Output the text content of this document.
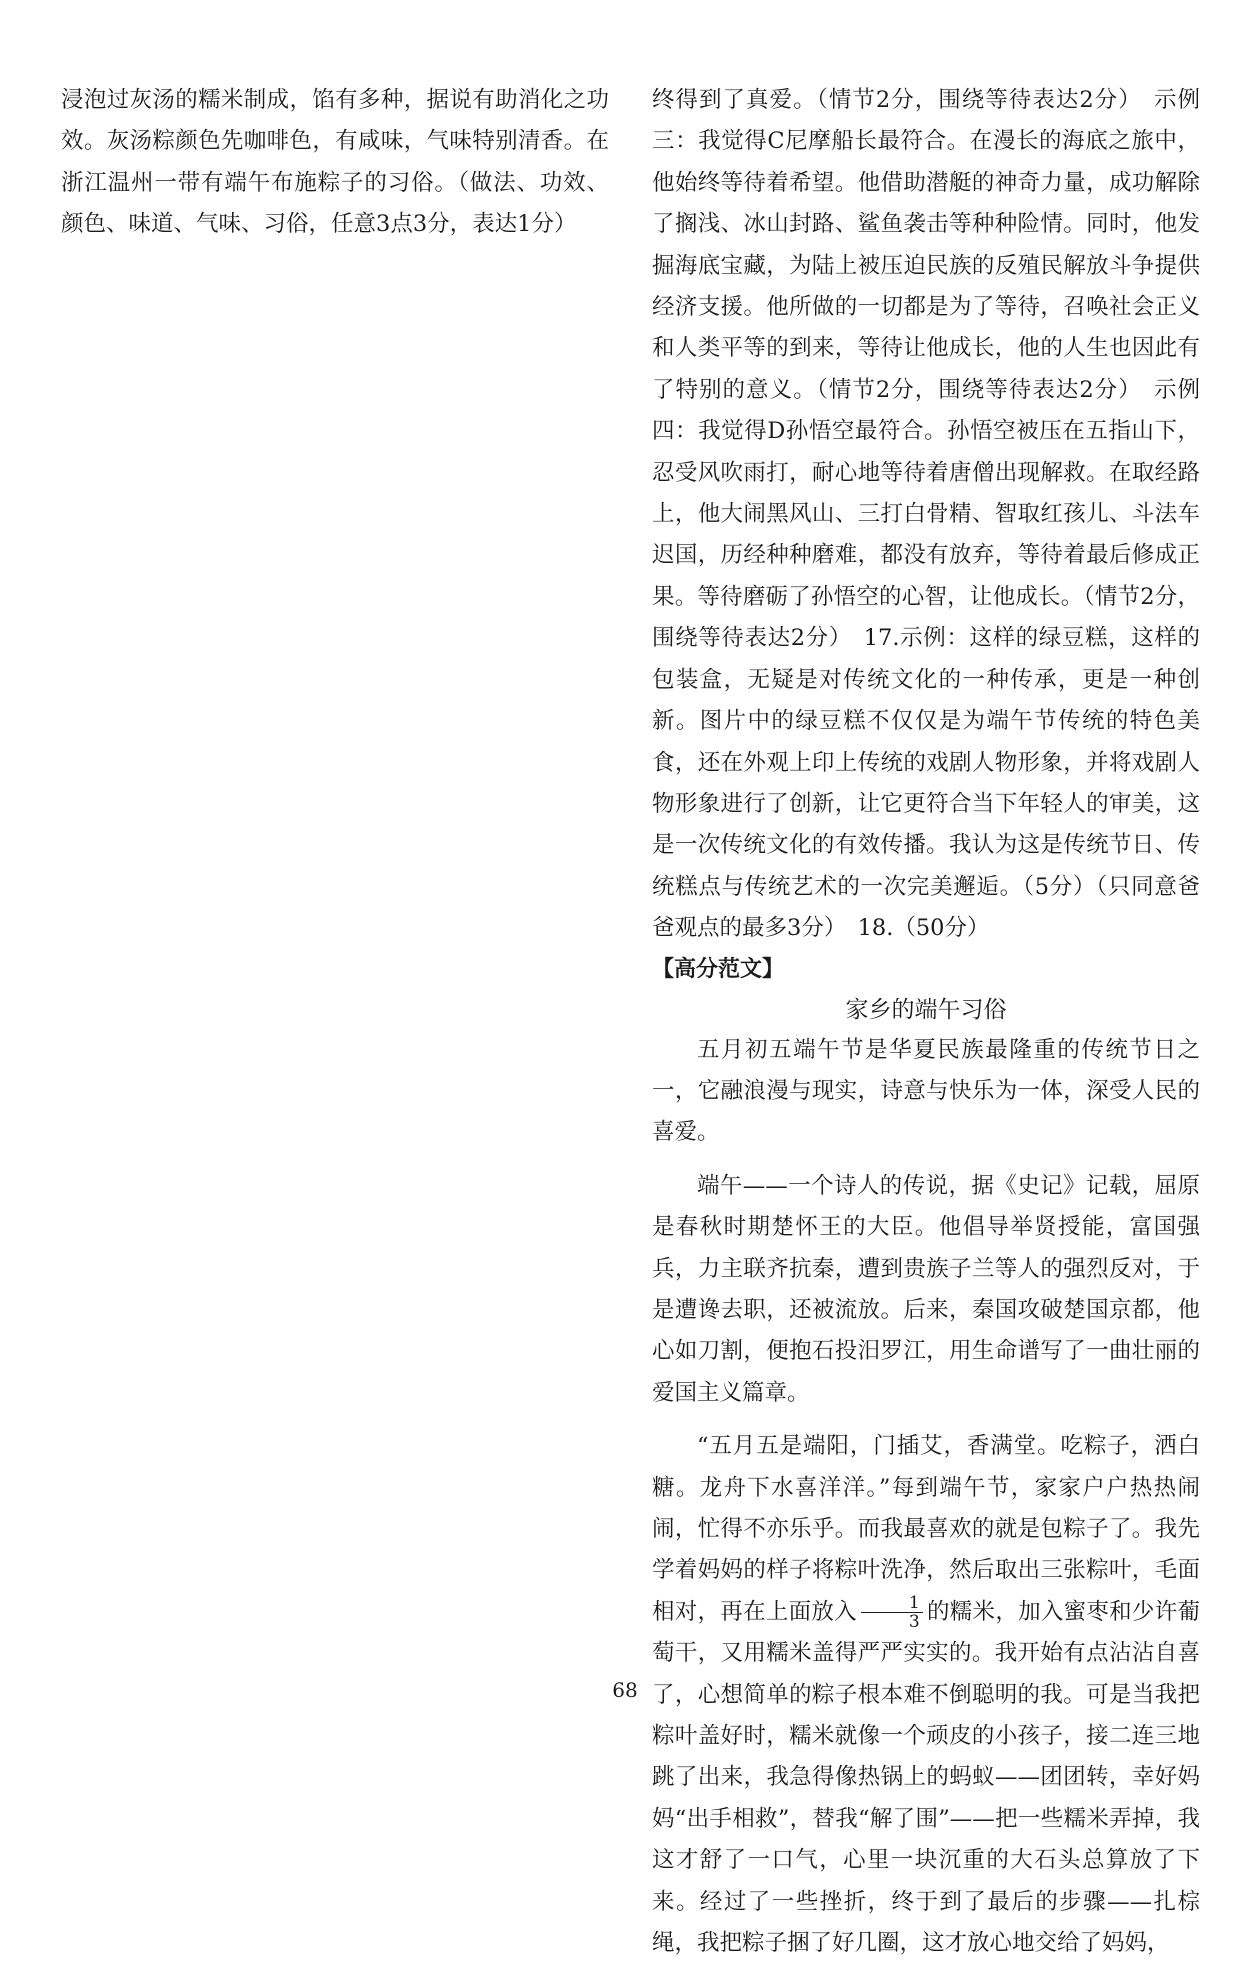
浸泡过灰汤的糯米制成，馅有多种，据说有助消化之功效。灰汤粽颜色先咖啡色，有咸味，气味特别清香。在浙江温州一带有端午布施粽子的习俗。（做法、功效、颜色、味道、气味、习俗，任意3点3分，表达1分）

终得到了真爱。（情节2分，围绕等待表达2分）　示例三：我觉得C尼摩船长最符合。在漫长的海底之旅中，他始终等待着希望。他借助潜艇的神奇力量，成功解除了搁浅、冰山封路、鲨鱼袭击等种种险情。同时，他发掘海底宝藏，为陆上被压迫民族的反殖民解放斗争提供经济支援。他所做的一切都是为了等待，召唤社会正义和人类平等的到来，等待让他成长，他的人生也因此有了特别的意义。（情节2分，围绕等待表达2分）　示例四：我觉得D孙悟空最符合。孙悟空被压在五指山下，忍受风吹雨打，耐心地等待着唐僧出现解救。在取经路上，他大闹黑风山、三打白骨精、智取红孩儿、斗法车迟国，历经种种磨难，都没有放弃，等待着最后修成正果。等待磨砺了孙悟空的心智，让他成长。（情节2分，围绕等待表达2分）　17.示例：这样的绿豆糕，这样的包装盒，无疑是对传统文化的一种传承，更是一种创新。图片中的绿豆糕不仅仅是为端午节传统的特色美食，还在外观上印上传统的戏剧人物形象，并将戏剧人物形象进行了创新，让它更符合当下年轻人的审美，这是一次传统文化的有效传播。我认为这是传统节日、传统糕点与传统艺术的一次完美邂逅。（5分）（只同意爸爸观点的最多3分）　18.（50分）

【高分范文】

家乡的端午习俗

五月初五端午节是华夏民族最隆重的传统节日之一，它融浪漫与现实，诗意与快乐为一体，深受人民的喜爱。

端午——一个诗人的传说，据《史记》记载，屈原是春秋时期楚怀王的大臣。他倡导举贤授能，富国强兵，力主联齐抗秦，遭到贵族子兰等人的强烈反对，于是遭谗去职，还被流放。后来，秦国攻破楚国京都，他心如刀割，便抱石投汨罗江，用生命谱写了一曲壮丽的爱国主义篇章。

“五月五是端阳，门插艾，香满堂。吃粽子，洒白糖。龙舟下水喜洋洋。”每到端午节，家家户户热热闹闹，忙得不亦乐乎。而我最喜欢的就是包粽子了。我先学着妈妈的样子将粽叶洗净，然后取出三张粽叶，毛面相对，再在上面放入 $\frac{1}{3}$ 的糯米，加入蜜枣和少许葡萄干，又用糯米盖得严严实实的。我开始有点沾沾自喜了，心想简单的粽子根本难不倒聪明的我。可是当我把粽叶盖好时，糯米就像一个顽皮的小孩子，接二连三地跳了出来，我急得像热锅上的蚂蚁——团团转，幸好妈妈“出手相救”，替我“解了围”——把一些糯米弄掉，我这才舒了一口气，心里一块沉重的大石头总算放了下来。经过了一些挫折，终于到了最后的步骤——扎棕绳，我把粽子捆了好几圈，这才放心地交给了妈妈，

68
